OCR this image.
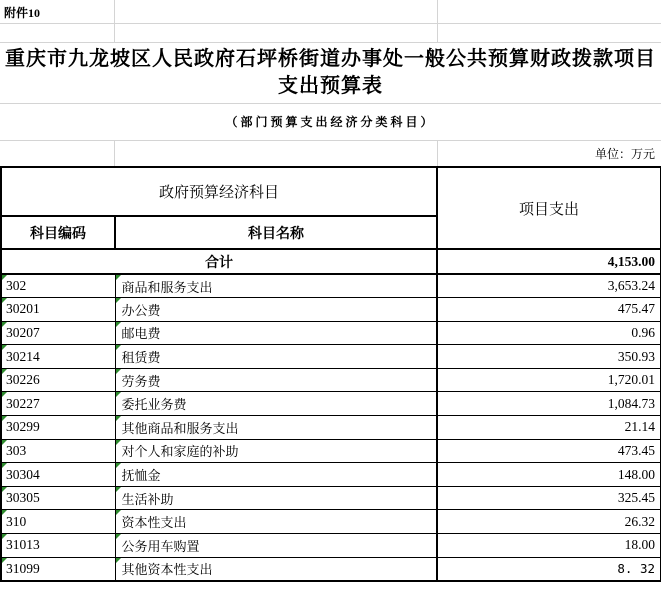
附件10
重庆市九龙坡区人民政府石坪桥街道办事处一般公共预算财政拨款项目支出预算表
（部门预算支出经济分类科目）
单位：万元
政府预算经济科目		项目支出
科目编码	科目名称	
合计		4,153.00

302	商品和服务支出	3,653.24

30201	办公费	475.47

30207	邮电费	0.96

30214	租赁费	350.93

30226	劳务费	1,720.01

30227	委托业务费	1,084.73

30299	其他商品和服务支出	21.14

303	对个人和家庭的补助	473.45

30304	抚恤金	148.00

30305	生活补助	325.45

310	资本性支出	26.32

31013	公务用车购置	18.00

31099	其他资本性支出	8. 32
